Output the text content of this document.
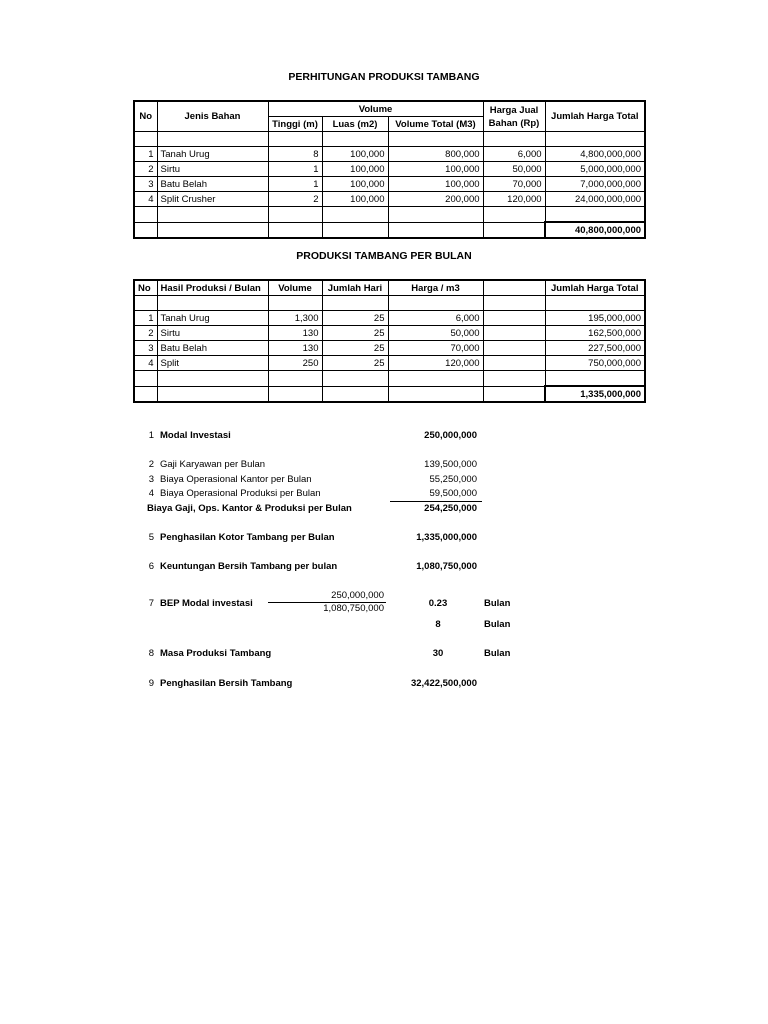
PERHITUNGAN PRODUKSI TAMBANG
No	Jenis Bahan	Volume			Harga Jual Bahan (Rp)	Jumlah Harga Total
		Tinggi (m)	Luas (m2)	Volume Total (M3)		

1	Tanah Urug	8	100,000	800,000	6,000	4,800,000,000
2	Sirtu	1	100,000	100,000	50,000	5,000,000,000
3	Batu Belah	1	100,000	100,000	70,000	7,000,000,000
4	Split Crusher	2	100,000	200,000	120,000	24,000,000,000

						40,800,000,000
PRODUKSI TAMBANG PER BULAN
No	Hasil Produksi / Bulan	Volume	Jumlah Hari	Harga / m3		Jumlah Harga Total

1	Tanah Urug	1,300	25	6,000		195,000,000
2	Sirtu	130	25	50,000		162,500,000
3	Batu Belah	130	25	70,000		227,500,000
4	Split	250	25	120,000		750,000,000

						1,335,000,000
1 Modal Investasi	250,000,000
2 Gaji Karyawan per Bulan	139,500,000
3 Biaya Operasional Kantor per Bulan	55,250,000
4 Biaya Operasional Produksi per Bulan	59,500,000
Biaya Gaji, Ops. Kantor & Produksi per Bulan	254,250,000
5 Penghasilan Kotor Tambang per Bulan	1,335,000,000
6 Keuntungan Bersih Tambang per bulan	1,080,750,000
7 BEP Modal investasi	0.23	Bulan
$\frac{250,000,000}{1,080,750,000}$
8	Bulan
8 Masa Produksi Tambang	30	Bulan
9 Penghasilan Bersih Tambang	32,422,500,000
